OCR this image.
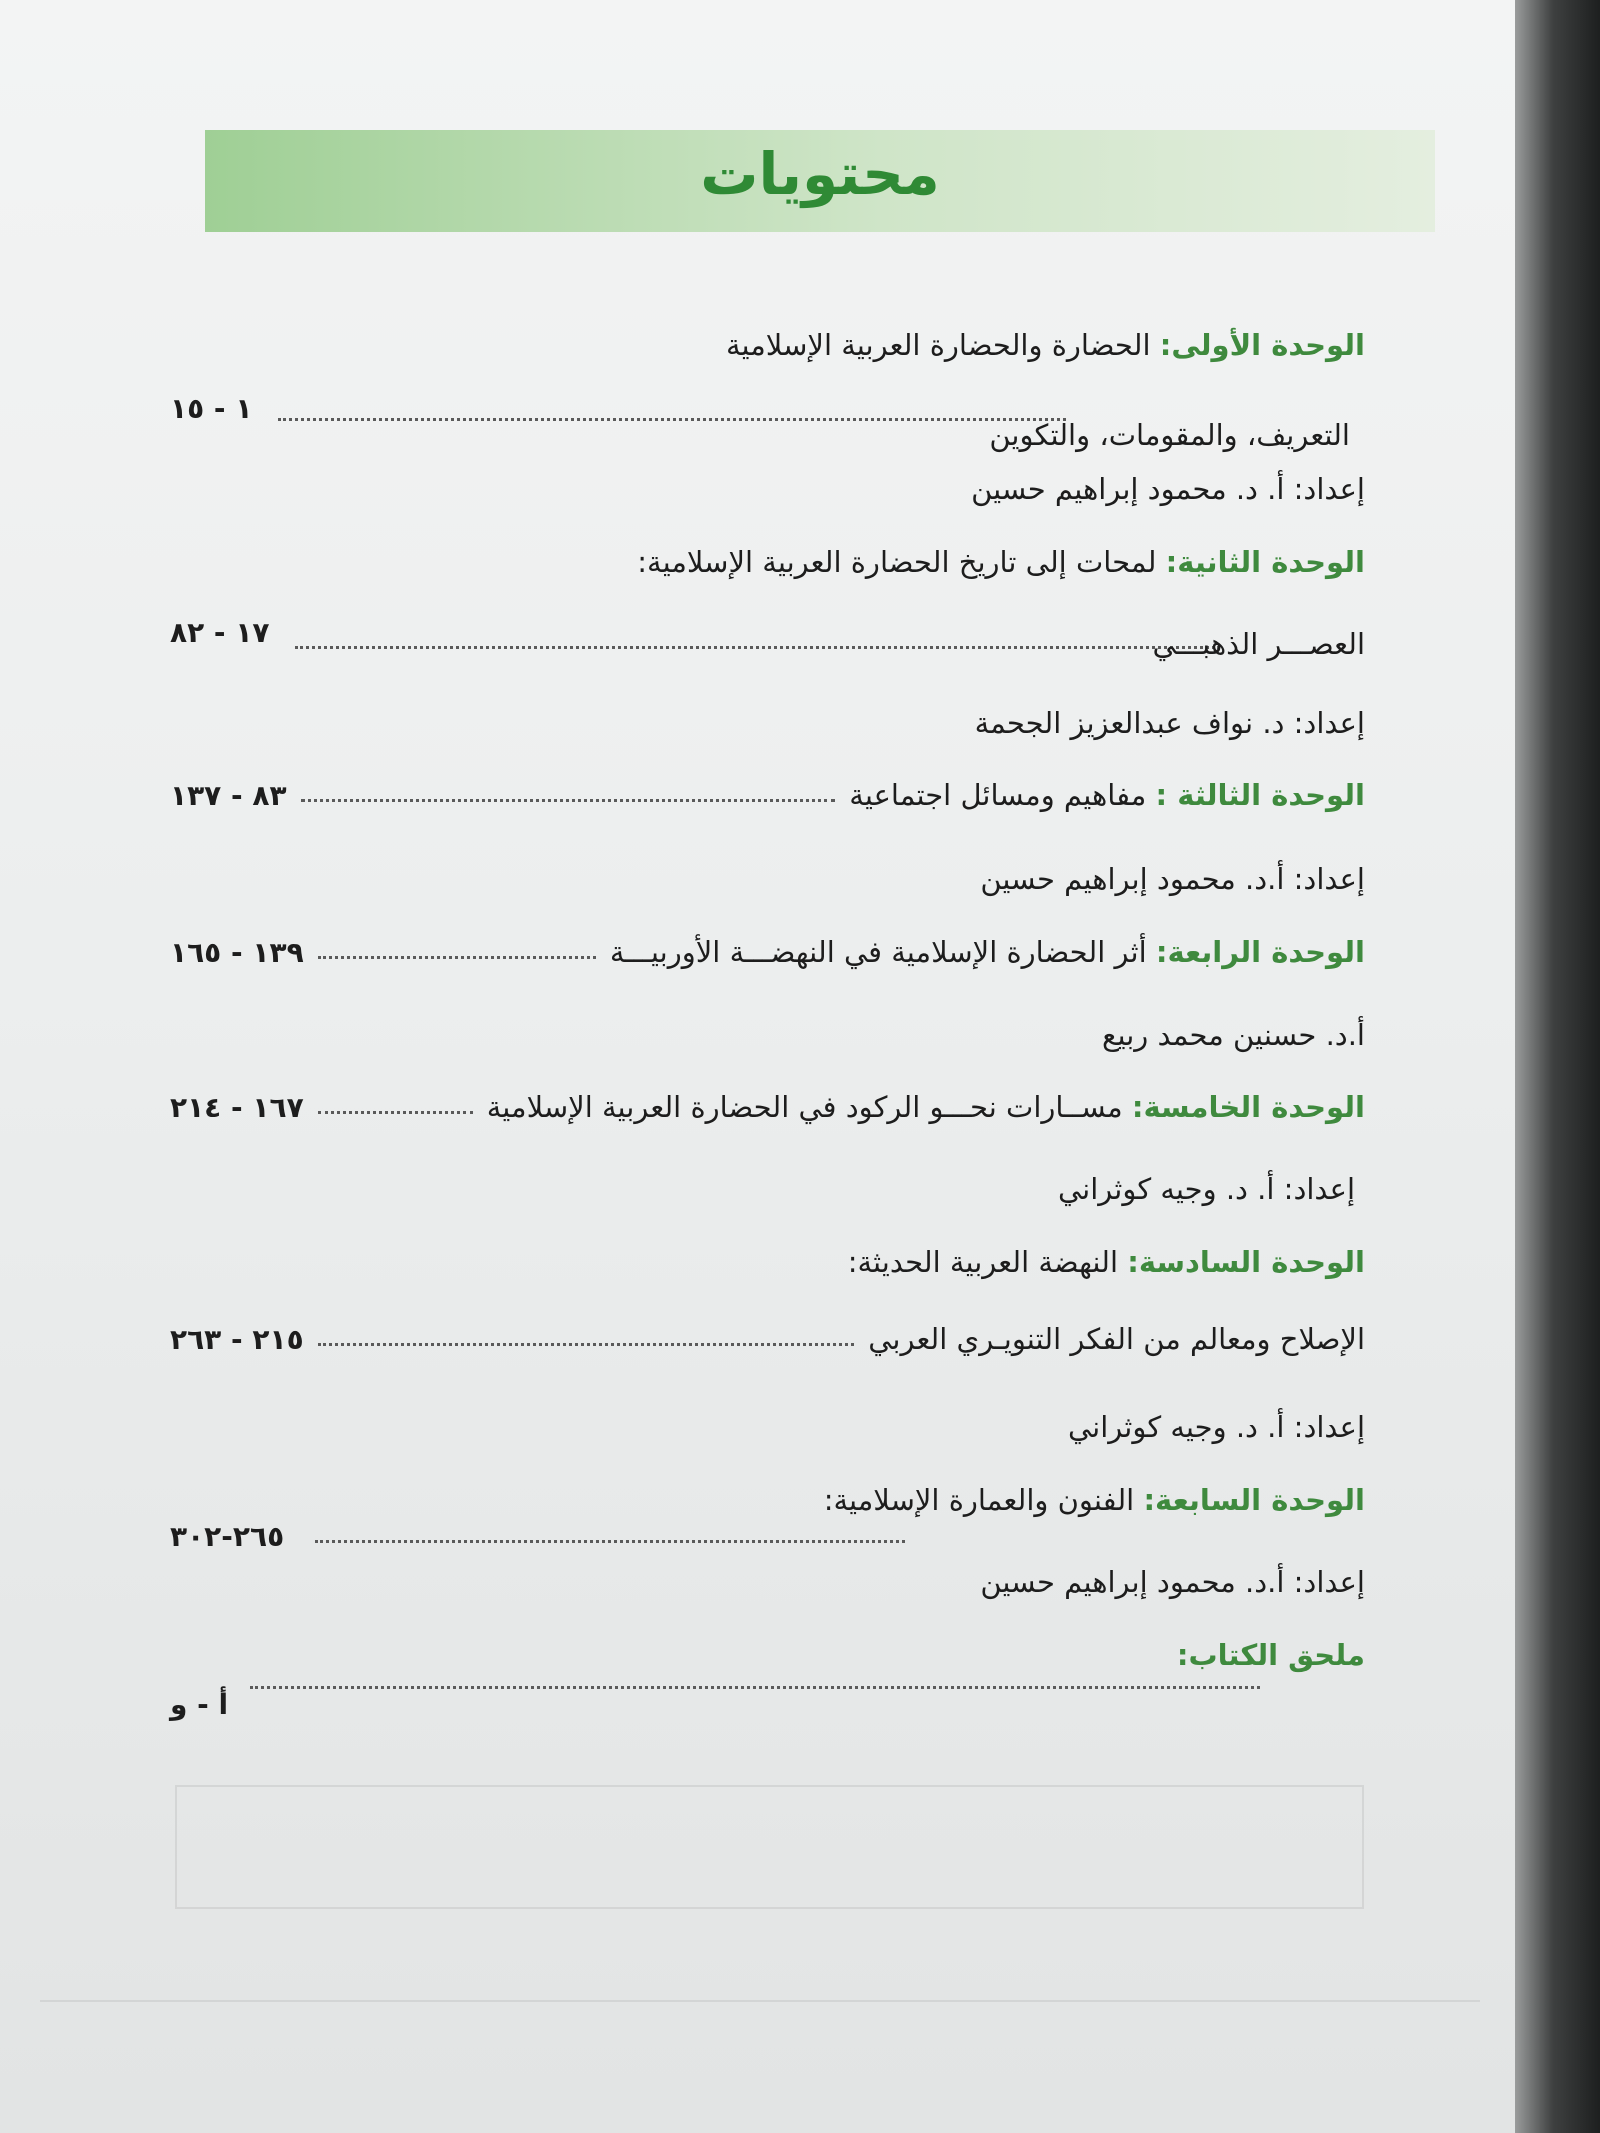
محتويات
الوحدة الأولى: الحضارة والحضارة العربية الإسلامية
١ - ١٥
التعريف، والمقومات، والتكوين
إعداد: أ. د. محمود إبراهيم حسين
الوحدة الثانية: لمحات إلى تاريخ الحضارة العربية الإسلامية:
١٧ - ٨٢	العصـــر الذهبـــي
إعداد: د. نواف عبدالعزيز الجحمة
الوحدة الثالثة : مفاهيم ومسائل اجتماعية
٨٣ - ١٣٧
إعداد: أ.د. محمود إبراهيم حسين
الوحدة الرابعة: أثر الحضارة الإسلامية في النهضـــة الأوربيـــة
١٣٩ - ١٦٥
أ.د. حسنين محمد ربيع
الوحدة الخامسة: مســارات نحـــو الركود في الحضارة العربية الإسلامية
١٦٧ - ٢١٤
إعداد: أ. د. وجيه كوثراني
الوحدة السادسة: النهضة العربية الحديثة:
الإصلاح ومعالم من الفكر التنويـري العربي
٢١٥ - ٢٦٣
إعداد: أ. د. وجيه كوثراني
الوحدة السابعة: الفنون والعمارة الإسلامية:
٢٦٥-٣٠٢
إعداد: أ.د. محمود إبراهيم حسين
ملحق الكتاب:
أ - و
